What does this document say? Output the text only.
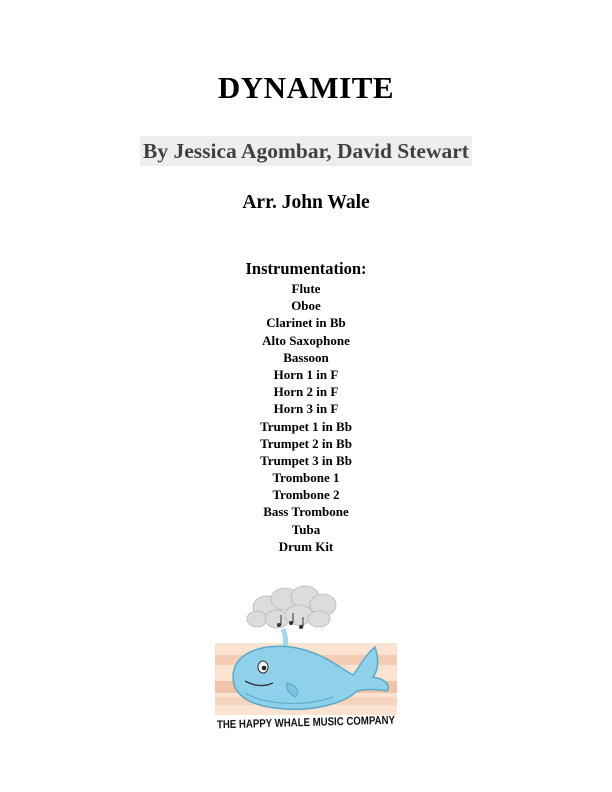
DYNAMITE
By Jessica Agombar, David Stewart
Arr. John Wale
Instrumentation:
Flute
Oboe
Clarinet in Bb
Alto Saxophone
Bassoon
Horn 1 in F
Horn 2 in F
Horn 3 in F
Trumpet 1 in Bb
Trumpet 2 in Bb
Trumpet 3 in Bb
Trombone 1
Trombone 2
Bass Trombone
Tuba
Drum Kit
THE HAPPY WHALE MUSIC COMPANY
